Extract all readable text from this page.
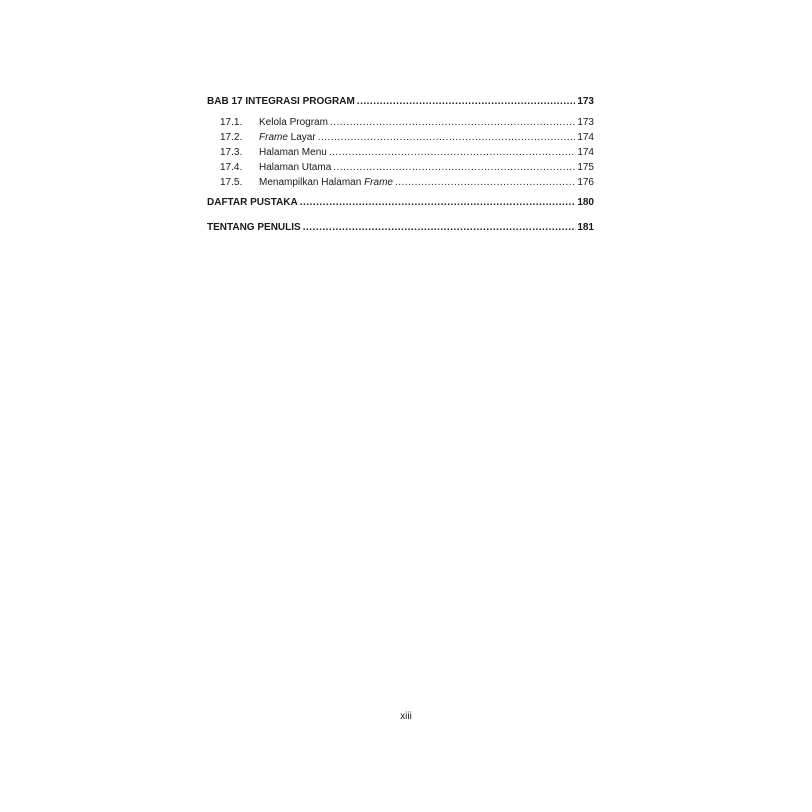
BAB 17 INTEGRASI PROGRAM .....	173
17.1.	Kelola Program .....	173
17.2.	Frame Layar .....	174
17.3.	Halaman Menu .....	174
17.4.	Halaman Utama .....	175
17.5.	Menampilkan Halaman Frame .....	176
DAFTAR PUSTAKA .....	180
TENTANG PENULIS .....	181
xiii
